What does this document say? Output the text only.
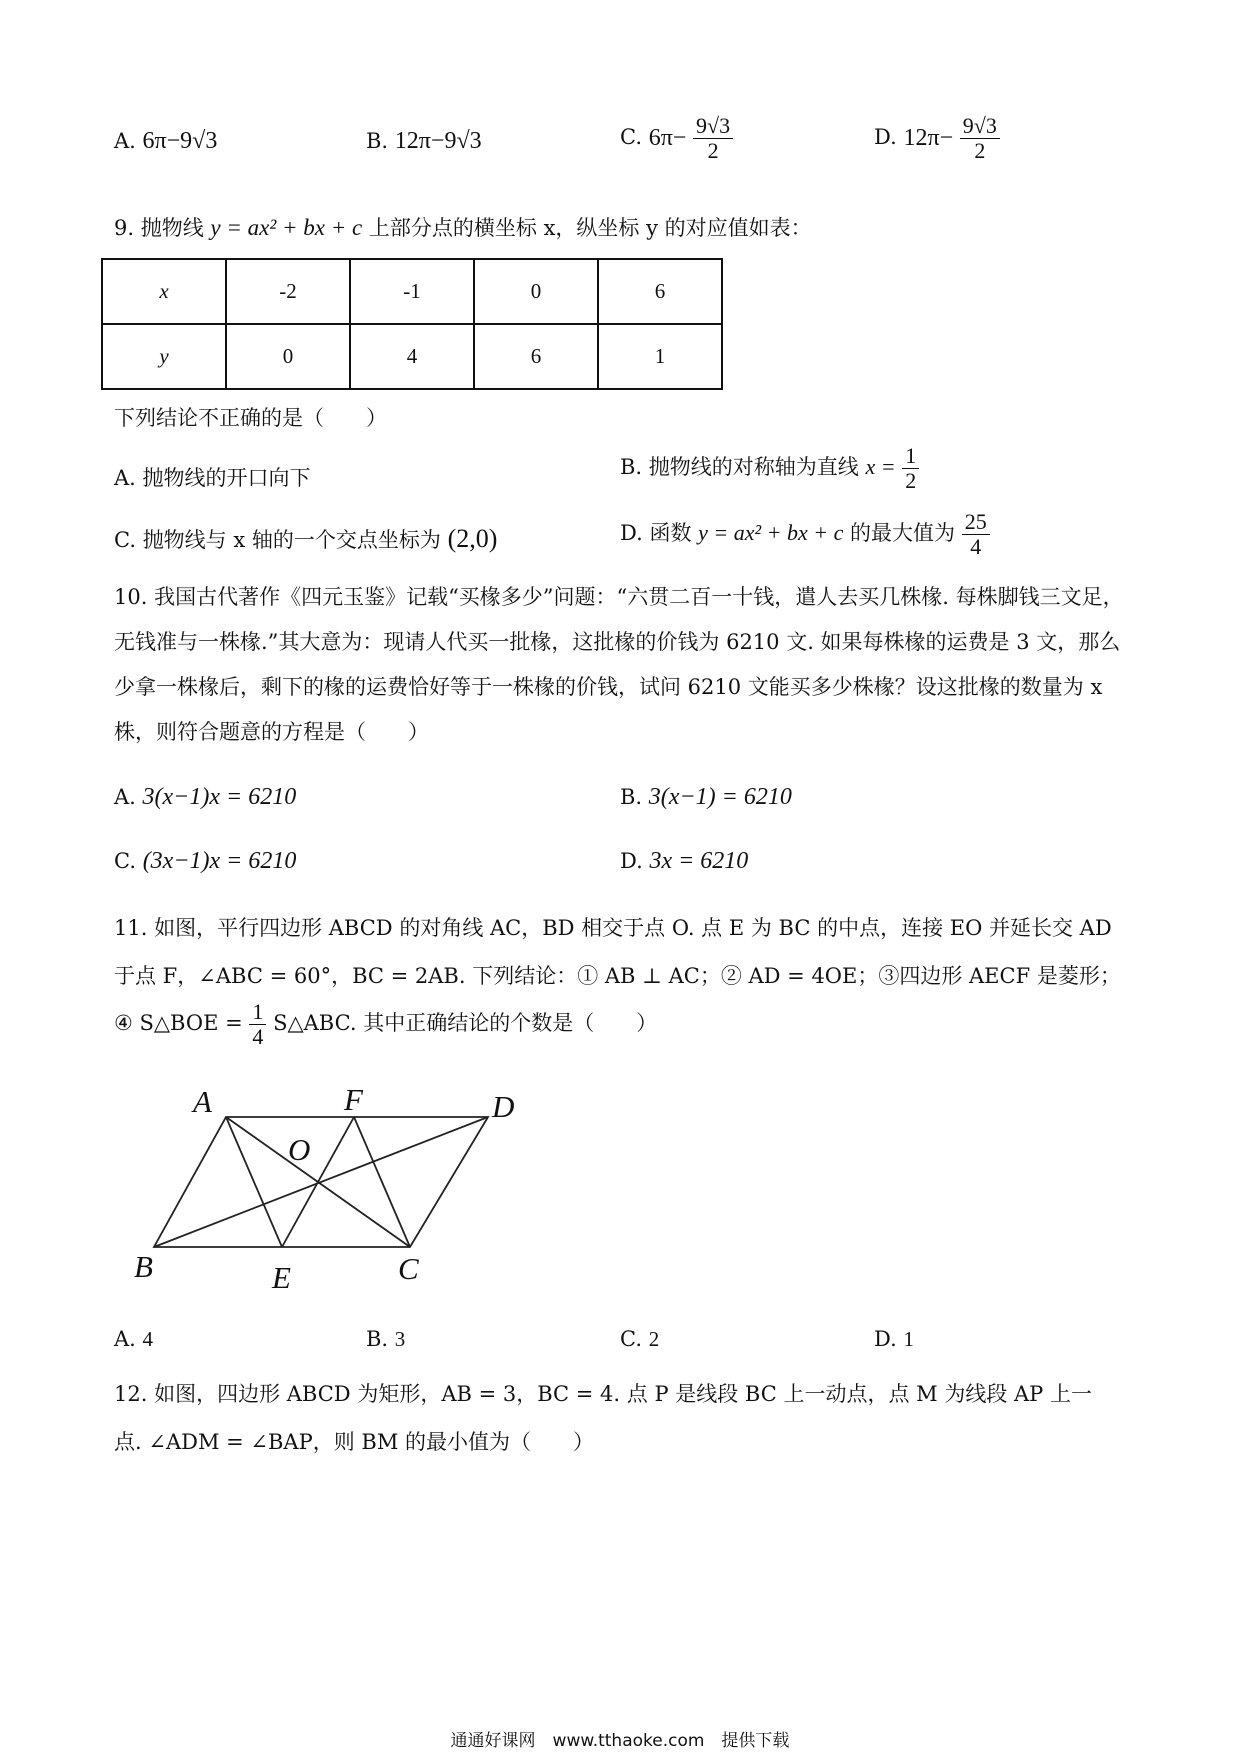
A. 6π−9√3	B. 12π−9√3	C. $6\pi- \frac{9√3}{2}$	D. $12\pi- \frac{9√3}{2}$
9. 抛物线 y = ax² + bx + c 上部分点的横坐标 x，纵坐标 y 的对应值如表：
x	-2	-1	0	6
y	0	4	6	1
下列结论不正确的是（　　）
A. 抛物线的开口向下	B. 抛物线的对称轴为直线 $x = \frac{1}{2}$
C. 抛物线与 x 轴的一个交点坐标为 (2,0)	D. 函数 y = ax² + bx + c 的最大值为 $\frac{25}{4}$
10. 我国古代著作《四元玉鉴》记载“买椽多少”问题：“六贯二百一十钱，遣人去买几株椽. 每株脚钱三文足，无钱准与一株椽.”其大意为：现请人代买一批椽，这批椽的价钱为 6210 文. 如果每株椽的运费是 3 文，那么少拿一株椽后，剩下的椽的运费恰好等于一株椽的价钱，试问 6210 文能买多少株椽？设这批椽的数量为 x 株，则符合题意的方程是（　　）
A. 3(x−1)x = 6210	B. 3(x−1) = 6210
C. (3x−1)x = 6210	D. 3x = 6210
11. 如图，平行四边形 ABCD 的对角线 AC，BD 相交于点 O. 点 E 为 BC 的中点，连接 EO 并延长交 AD
于点 F，∠ABC = 60°，BC = 2AB. 下列结论：① AB ⊥ AC；② AD = 4OE；③四边形 AECF 是菱形；
④ S△BOE = $\frac{1}{4}$ S△ABC. 其中正确结论的个数是（　　）
A	F	D
O
B	E	C
A. 4	B. 3	C. 2	D. 1
12. 如图，四边形 ABCD 为矩形，AB = 3，BC = 4. 点 P 是线段 BC 上一动点，点 M 为线段 AP 上一
点. ∠ADM = ∠BAP，则 BM 的最小值为（　　）
通通好课网　www.tthaoke.com　提供下载
